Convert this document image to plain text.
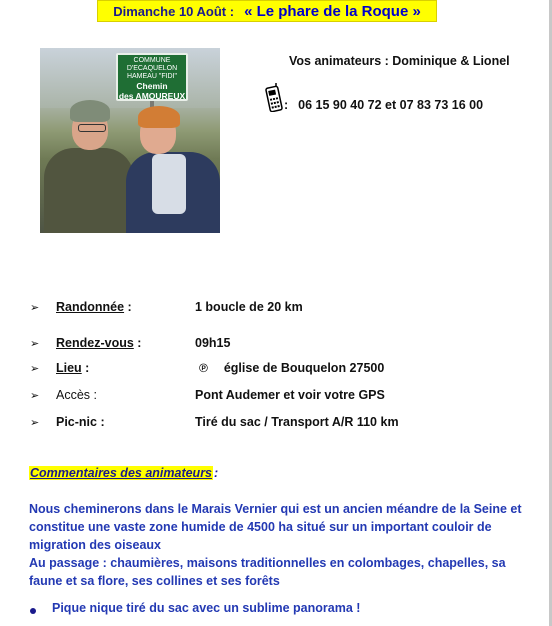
Dimanche 10 Août : « Le phare de la Roque »
COMMUNE D'ECAQUELON
HAMEAU "FIDI"
Chemin
des AMOUREUX
Vos animateurs : Dominique & Lionel
: 06 15 90 40 72 et 07 83 73 16 00
➢ Randonnée :	1 boucle de 20 km
➢ Rendez-vous :	09h15
➢ Lieu :	℗ église de Bouquelon 27500
➢ Accès :	Pont Audemer et voir votre GPS
➢ Pic-nic :	Tiré du sac / Transport A/R 110 km
Commentaires des animateurs :
Nous cheminerons dans le Marais Vernier qui est un ancien méandre de la Seine et
constitue une vaste zone humide de 4500 ha situé sur un important couloir de
migration des oiseaux
Au passage : chaumières, maisons traditionnelles en colombages, chapelles, sa
faune et sa flore, ses collines et ses forêts
Pique nique tiré du sac avec un sublime panorama !
